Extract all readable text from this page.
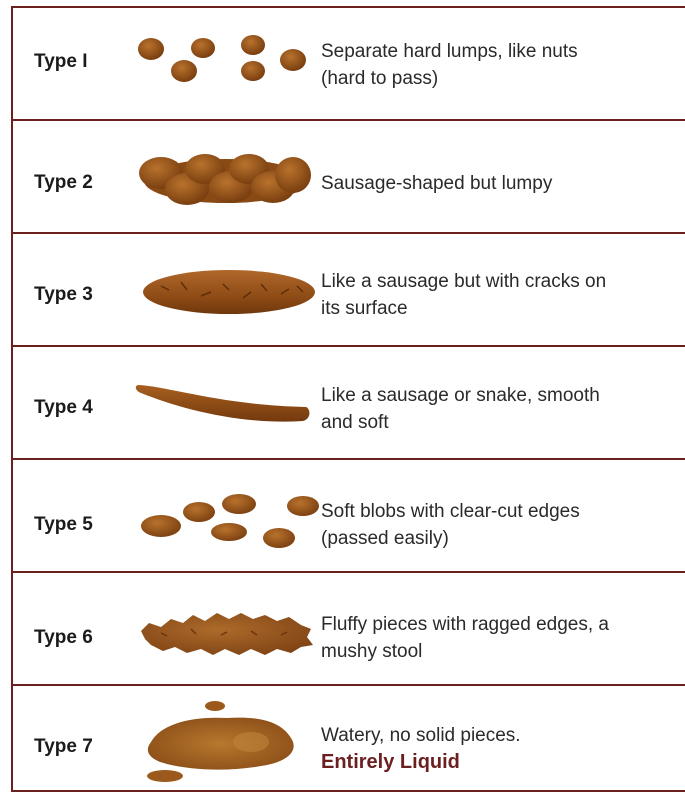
Type I	Separate hard lumps, like nuts
(hard to pass)
Type 2	Sausage-shaped but lumpy
Type 3
Like a sausage but with cracks on
its surface
Type 4
Like a sausage or snake, smooth
and soft
Type 5
Soft blobs with clear-cut edges
(passed easily)
Type 6
Fluffy pieces with ragged edges, a
mushy stool
Type 7
Watery, no solid pieces.
Entirely Liquid
